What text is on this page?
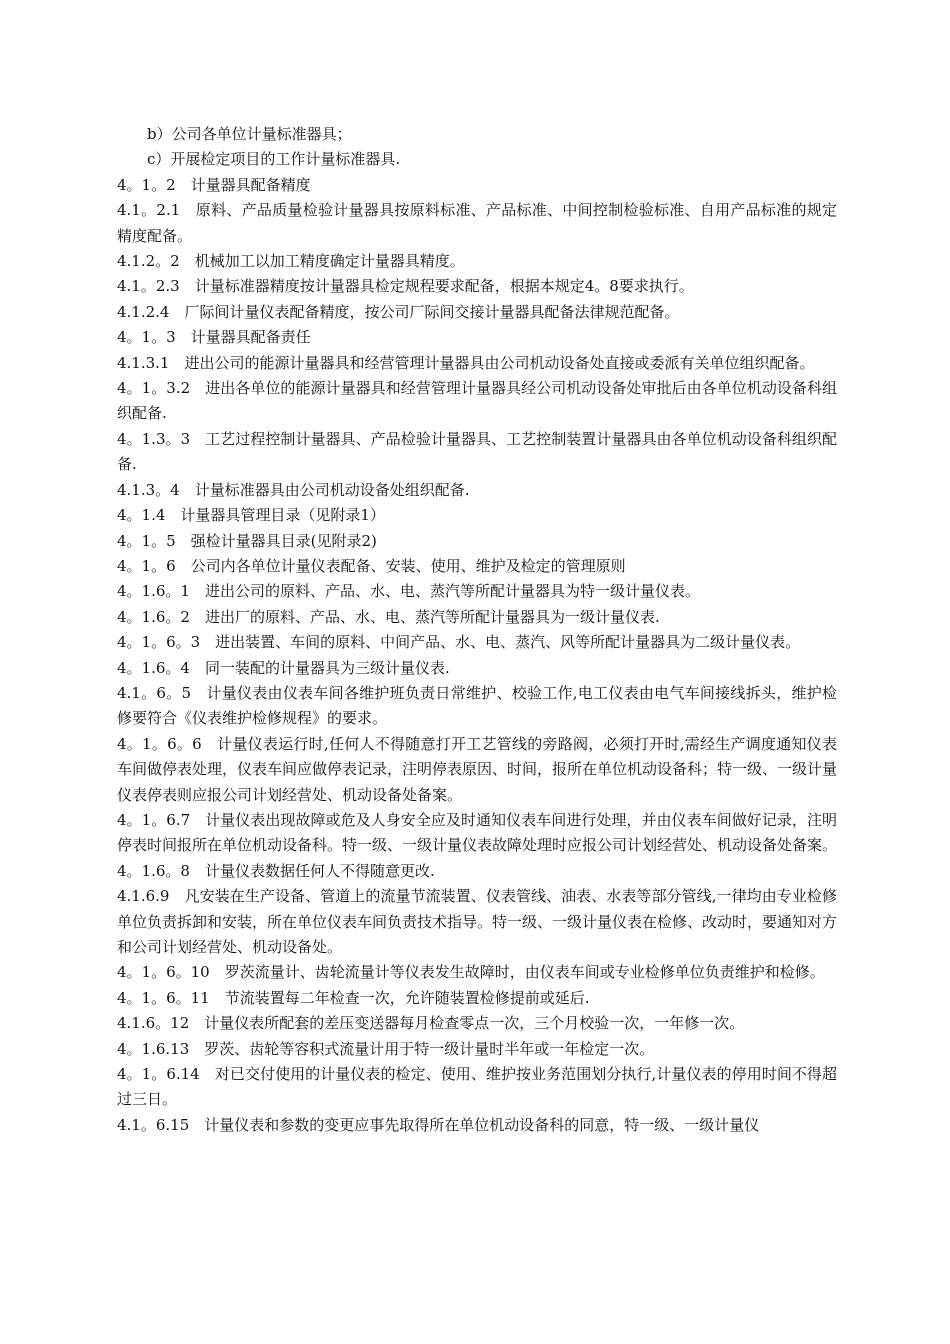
b）公司各单位计量标准器具；

c）开展检定项目的工作计量标准器具.

4。1。2　计量器具配备精度

4.1。2.1　原料、产品质量检验计量器具按原料标准、产品标准、中间控制检验标准、自用产品标准的规定精度配备。

4.1.2。2　机械加工以加工精度确定计量器具精度。

4.1。2.3　计量标准器精度按计量器具检定规程要求配备，根据本规定4。8要求执行。

4.1.2.4　厂际间计量仪表配备精度，按公司厂际间交接计量器具配备法律规范配备。

4。1。3　计量器具配备责任

4.1.3.1　进出公司的能源计量器具和经营管理计量器具由公司机动设备处直接或委派有关单位组织配备。

4。1。3.2　进出各单位的能源计量器具和经营管理计量器具经公司机动设备处审批后由各单位机动设备科组织配备.

4。1.3。3　工艺过程控制计量器具、产品检验计量器具、工艺控制装置计量器具由各单位机动设备科组织配备.

4.1.3。4　计量标准器具由公司机动设备处组织配备.

4。1.4　计量器具管理目录（见附录1）

4。1。5　强检计量器具目录(见附录2)

4。1。6　公司内各单位计量仪表配备、安装、使用、维护及检定的管理原则

4。1.6。1　进出公司的原料、产品、水、电、蒸汽等所配计量器具为特一级计量仪表。

4。1.6。2　进出厂的原料、产品、水、电、蒸汽等所配计量器具为一级计量仪表.

4。1。6。3　进出装置、车间的原料、中间产品、水、电、蒸汽、风等所配计量器具为二级计量仪表。

4。1.6。4　同一装配的计量器具为三级计量仪表.

4.1。6。5　计量仪表由仪表车间各维护班负责日常维护、校验工作,电工仪表由电气车间接线拆头，维护检修要符合《仪表维护检修规程》的要求。

4。1。6。6　计量仪表运行时,任何人不得随意打开工艺管线的旁路阀，必须打开时,需经生产调度通知仪表车间做停表处理，仪表车间应做停表记录，注明停表原因、时间，报所在单位机动设备科；特一级、一级计量仪表停表则应报公司计划经营处、机动设备处备案。

4。1。6.7　计量仪表出现故障或危及人身安全应及时通知仪表车间进行处理，并由仪表车间做好记录，注明停表时间报所在单位机动设备科。特一级、一级计量仪表故障处理时应报公司计划经营处、机动设备处备案。

4。1.6。8　计量仪表数据任何人不得随意更改.

4.1.6.9　凡安装在生产设备、管道上的流量节流装置、仪表管线、油表、水表等部分管线,一律均由专业检修单位负责拆卸和安装，所在单位仪表车间负责技术指导。特一级、一级计量仪表在检修、改动时，要通知对方和公司计划经营处、机动设备处。

4。1。6。10　罗茨流量计、齿轮流量计等仪表发生故障时，由仪表车间或专业检修单位负责维护和检修。

4。1。6。11　节流装置每二年检查一次，允许随装置检修提前或延后.

4.1.6。12　计量仪表所配套的差压变送器每月检查零点一次，三个月校验一次，一年修一次。

4。1.6.13　罗茨、齿轮等容积式流量计用于特一级计量时半年或一年检定一次。

4。1。6.14　对已交付使用的计量仪表的检定、使用、维护按业务范围划分执行,计量仪表的停用时间不得超过三日。

4.1。6.15　计量仪表和参数的变更应事先取得所在单位机动设备科的同意，特一级、一级计量仪
